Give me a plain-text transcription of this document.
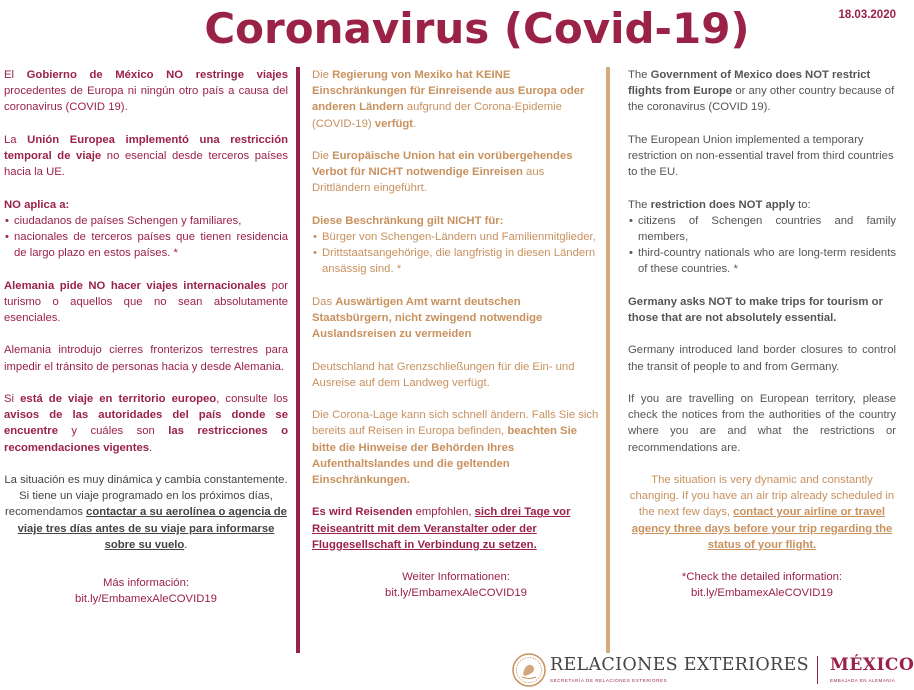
Coronavirus (Covid-19)	18.03.2020

El Gobierno de México NO restringe viajes procedentes de Europa ni ningún otro país a causa del coronavirus (COVID 19).

La Unión Europea implementó una restricción temporal de viaje no esencial desde terceros países hacia la UE.

NO aplica a:
• ciudadanos de países Schengen y familiares,
• nacionales de terceros países que tienen residencia de largo plazo en estos países. *

Alemania pide NO hacer viajes internacionales por turismo o aquellos que no sean absolutamente esenciales.

Alemania introdujo cierres fronterizos terrestres para impedir el tránsito de personas hacia y desde Alemania.

Si está de viaje en territorio europeo, consulte los avisos de las autoridades del país donde se encuentre y cuáles son las restricciones o recomendaciones vigentes.

La situación es muy dinámica y cambia constantemente. Si tiene un viaje programado en los próximos días, recomendamos contactar a su aerolínea o agencia de viaje tres días antes de su viaje para informarse sobre su vuelo.

Más información:
bit.ly/EmbamexAleCOVID19

Die Regierung von Mexiko hat KEINE Einschränkungen für Einreisende aus Europa oder anderen Ländern aufgrund der Corona-Epidemie (COVID-19) verfügt.

Die Europäische Union hat ein vorübergehendes Verbot für NICHT notwendige Einreisen aus Drittländern eingeführt.

Diese Beschränkung gilt NICHT für:
• Bürger von Schengen-Ländern und Familienmitglieder,
• Drittstaatsangehörige, die langfristig in diesen Ländern ansässig sind. *

Das Auswärtigen Amt warnt deutschen Staatsbürgern, nicht zwingend notwendige Auslandsreisen zu vermeiden

Deutschland hat Grenzschließungen für die Ein- und Ausreise auf dem Landweg verfügt.

Die Corona-Lage kann sich schnell ändern. Falls Sie sich bereits auf Reisen in Europa befinden, beachten Sie bitte die Hinweise der Behörden Ihres Aufenthaltslandes und die geltenden Einschränkungen.

Es wird Reisenden empfohlen, sich drei Tage vor Reiseantritt mit dem Veranstalter oder der Fluggesellschaft in Verbindung zu setzen.

Weiter Informationen:
bit.ly/EmbamexAleCOVID19

The Government of Mexico does NOT restrict flights from Europe or any other country because of the coronavirus (COVID 19).

The European Union implemented a temporary restriction on non-essential travel from third countries to the EU.

The restriction does NOT apply to:
• citizens of Schengen countries and family members,
• third-country nationals who are long-term residents of these countries. *

Germany asks NOT to make trips for tourism or those that are not absolutely essential.

Germany introduced land border closures to control the transit of people to and from Germany.

If you are travelling on European territory, please check the notices from the authorities of the country where you are and what the restrictions or recommendations are.

The situation is very dynamic and constantly changing. If you have an air trip already scheduled in the next few days, contact your airline or travel agency three days before your trip regarding the status of your flight.

*Check the detailed information:
bit.ly/EmbamexAleCOVID19

RELACIONES EXTERIORES
SECRETARÍA DE RELACIONES EXTERIORES
MÉXICO
EMBAJADA EN ALEMANIA
